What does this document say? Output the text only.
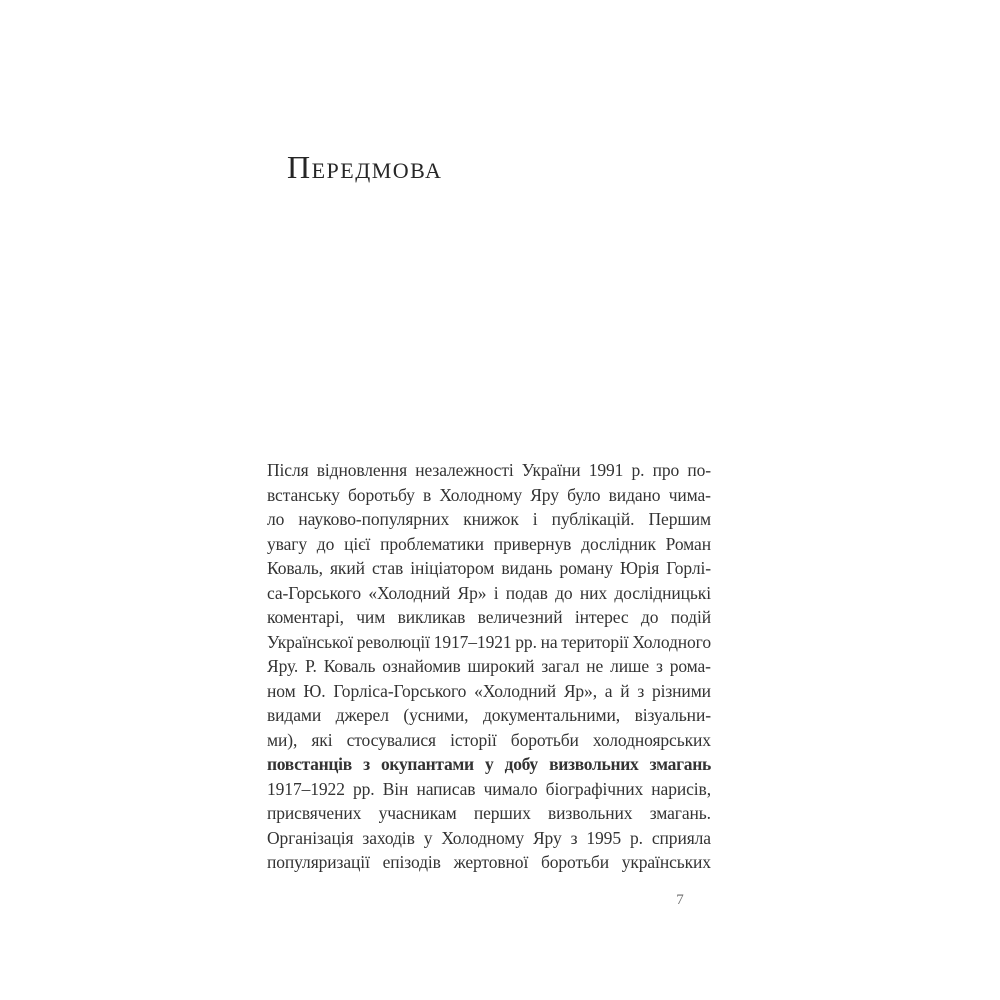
Передмова
Після відновлення незалежності України 1991 р. про по-
встанську боротьбу в Холодному Яру було видано чима-
ло науково-популярних книжок і публікацій. Першим
увагу до цієї проблематики привернув дослідник Роман
Коваль, який став ініціатором видань роману Юрія Горлі-
са-Горського «Холодний Яр» і подав до них дослідницькі
коментарі, чим викликав величезний інтерес до подій
Української революції 1917–1921 рр. на території Холодного
Яру. Р. Коваль ознайомив широкий загал не лише з рома-
ном Ю. Горліса-Горського «Холодний Яр», а й з різними
видами джерел (усними, документальними, візуальни-
ми), які стосувалися історії боротьби холодноярських
повстанців з окупантами у добу визвольних змагань
1917–1922 рр. Він написав чимало біографічних нарисів,
присвячених учасникам перших визвольних змагань.
Організація заходів у Холодному Яру з 1995 р. сприяла
популяризації епізодів жертовної боротьби українських
7
